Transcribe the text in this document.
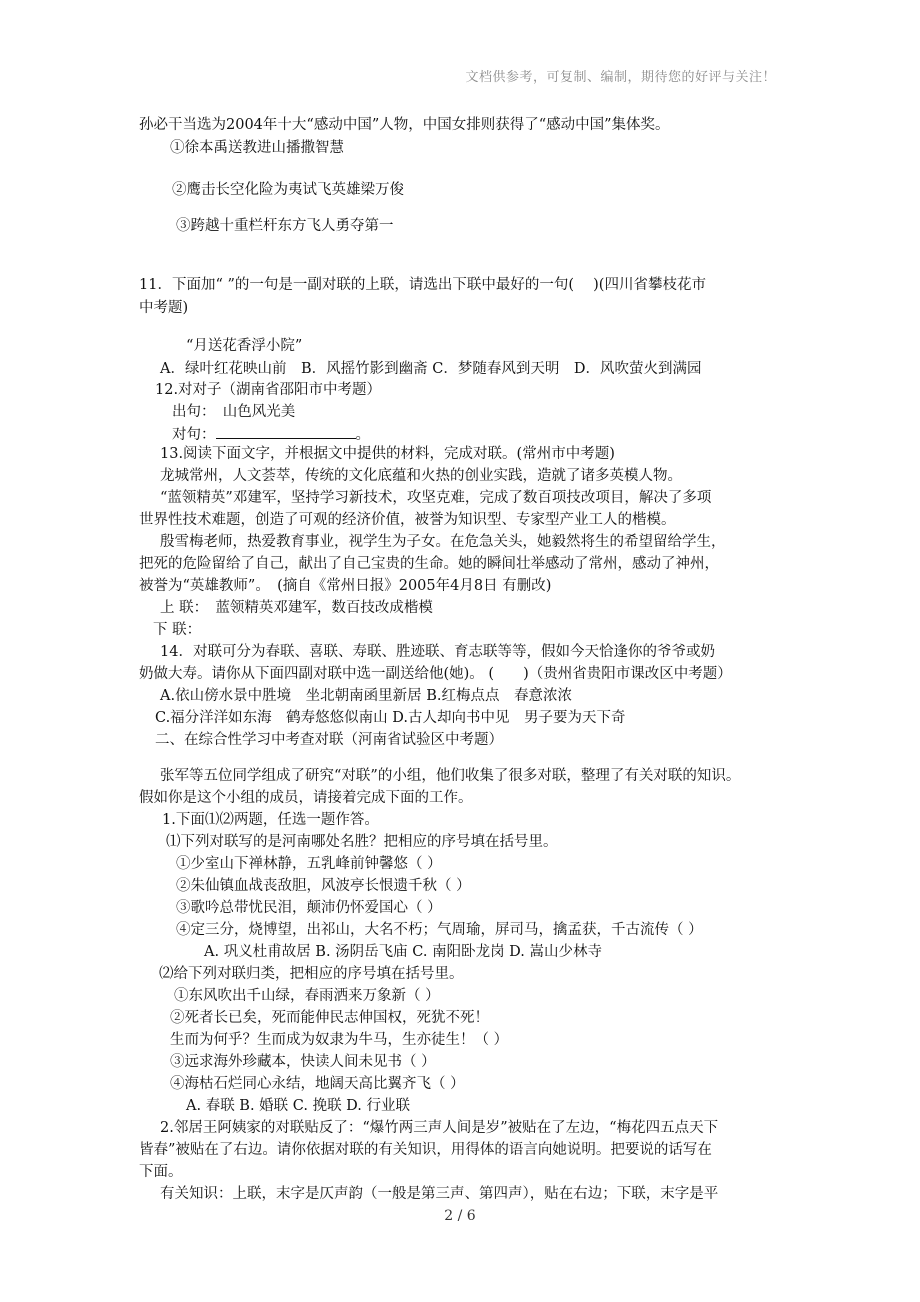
文档供参考，可复制、编制，期待您的好评与关注！
孙必干当选为2004年十大“感动中国”人物，中国女排则获得了“感动中国”集体奖。
①徐本禹送教进山播撒智慧
②鹰击长空化险为夷试飞英雄梁万俊
③跨越十重栏杆东方飞人勇夺第一
11．下面加“ ”的一句是一副对联的上联，请选出下联中最好的一句(　 )(四川省攀枝花市
中考题)
“月送花香浮小院”
A．绿叶红花映山前　B．风摇竹影到幽斋 C．梦随春风到天明　D．风吹萤火到满园
12.对对子（湖南省邵阳市中考题）
出句：　山色风光美
对句：	。
13.阅读下面文字，并根据文中提供的材料，完成对联。(常州市中考题)
龙城常州，人文荟萃，传统的文化底蕴和火热的创业实践，造就了诸多英模人物。
“蓝领精英”邓建军，坚持学习新技术，攻坚克难，完成了数百项技改项目，解决了多项
世界性技术难题，创造了可观的经济价值，被誉为知识型、专家型产业工人的楷模。
殷雪梅老师，热爱教育事业，视学生为子女。在危急关头，她毅然将生的希望留给学生，
把死的危险留给了自己，献出了自己宝贵的生命。她的瞬间壮举感动了常州，感动了神州，
被誉为“英雄教师”。　(摘自《常州日报》2005年4月8日 有删改)
上 联：　蓝领精英邓建军，数百技改成楷模
下 联：
14．对联可分为春联、喜联、寿联、胜迹联、育志联等等，假如今天恰逢你的爷爷或奶
奶做大寿。请你从下面四副对联中选一副送给他(她)。 (　　)（贵州省贵阳市课改区中考题）
A.依山傍水景中胜境　坐北朝南函里新居 B.红梅点点　春意浓浓
C.福分洋洋如东海　鹤寿悠悠似南山 D.古人却向书中见　男子要为天下奇
二、在综合性学习中考查对联（河南省试验区中考题）
张军等五位同学组成了研究“对联”的小组，他们收集了很多对联，整理了有关对联的知识。
假如你是这个小组的成员，请接着完成下面的工作。
1.下面⑴⑵两题，任选一题作答。
⑴下列对联写的是河南哪处名胜？把相应的序号填在括号里。
①少室山下禅林静，五乳峰前钟馨悠（ ）
②朱仙镇血战丧敌胆，风波亭长恨遗千秋（ ）
③歌吟总带忧民泪，颠沛仍怀爱国心（ ）
④定三分，烧博望，出祁山，大名不朽；气周瑜，屏司马，擒孟获，千古流传（ ）
A. 巩义杜甫故居 B. 汤阴岳飞庙 C. 南阳卧龙岗 D. 嵩山少林寺
⑵给下列对联归类，把相应的序号填在括号里。
①东风吹出千山绿，春雨洒来万象新（ ）
②死者长已矣，死而能伸民志伸国权，死犹不死！
生而为何乎？生而成为奴隶为牛马，生亦徒生！（ ）
③远求海外珍藏本，快读人间未见书（ ）
④海枯石烂同心永结，地阔天高比翼齐飞（ ）
A. 春联 B. 婚联 C. 挽联 D. 行业联
2.邻居王阿姨家的对联贴反了：“爆竹两三声人间是岁”被贴在了左边，“梅花四五点天下
皆春”被贴在了右边。请你依据对联的有关知识，用得体的语言向她说明。把要说的话写在
下面。
有关知识：上联，末字是仄声韵（一般是第三声、第四声），贴在右边；下联，末字是平
2 / 6
